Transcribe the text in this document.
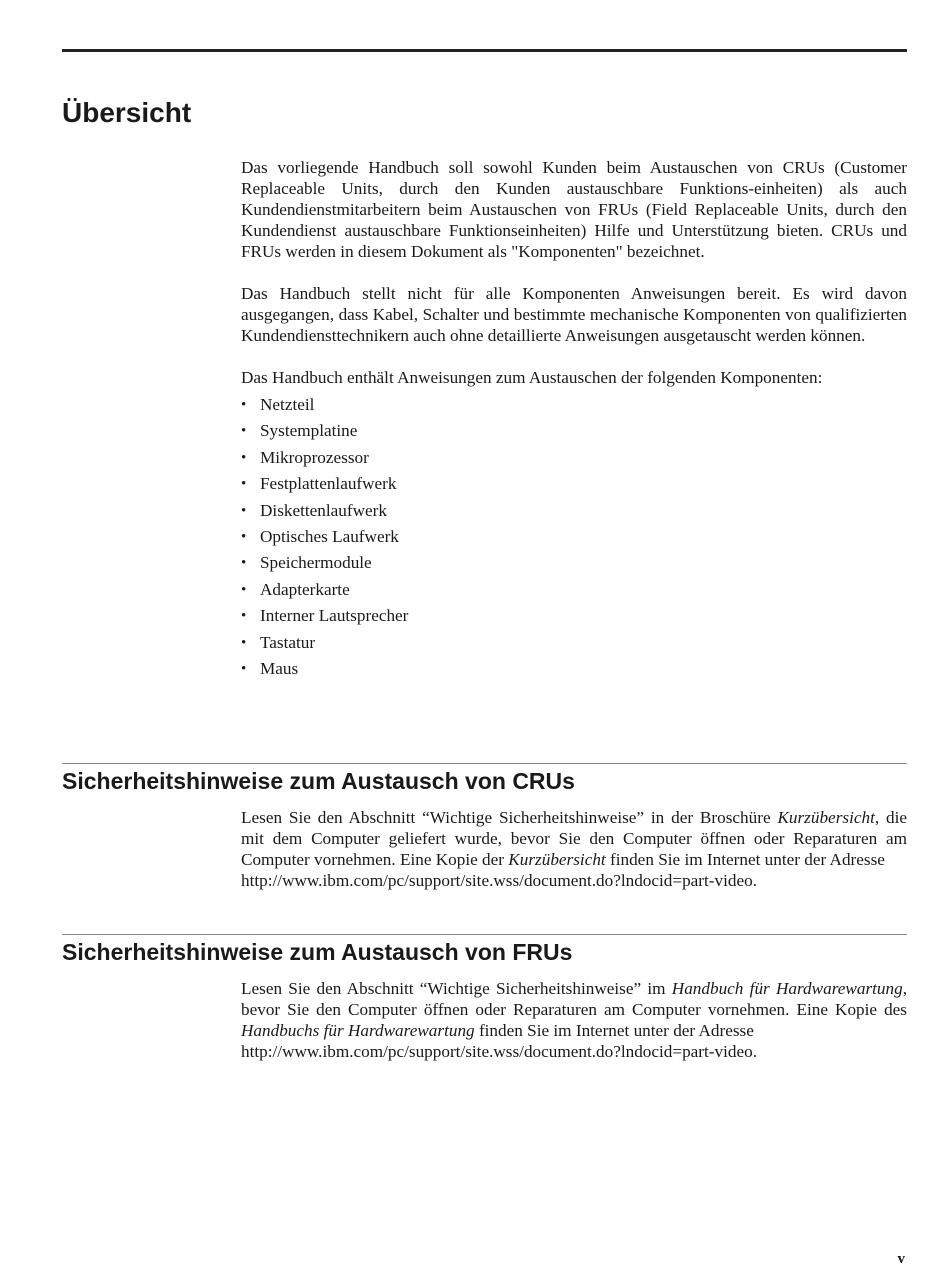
Übersicht

Das vorliegende Handbuch soll sowohl Kunden beim Austauschen von CRUs (Customer Replaceable Units, durch den Kunden austauschbare Funktions-einheiten) als auch Kundendienstmitarbeitern beim Austauschen von FRUs (Field Replaceable Units, durch den Kundendienst austauschbare Funktionseinheiten) Hilfe und Unterstützung bieten. CRUs und FRUs werden in diesem Dokument als "Komponenten" bezeichnet.

Das Handbuch stellt nicht für alle Komponenten Anweisungen bereit. Es wird davon ausgegangen, dass Kabel, Schalter und bestimmte mechanische Komponenten von qualifizierten Kundendiensttechnikern auch ohne detaillierte Anweisungen ausgetauscht werden können.

Das Handbuch enthält Anweisungen zum Austauschen der folgenden Komponenten:

• Netzteil
• Systemplatine
• Mikroprozessor
• Festplattenlaufwerk
• Diskettenlaufwerk
• Optisches Laufwerk
• Speichermodule
• Adapterkarte
• Interner Lautsprecher
• Tastatur
• Maus
Sicherheitshinweise zum Austausch von CRUs

Lesen Sie den Abschnitt “Wichtige Sicherheitshinweise” in der Broschüre Kurzübersicht, die mit dem Computer geliefert wurde, bevor Sie den Computer öffnen oder Reparaturen am Computer vornehmen. Eine Kopie der Kurzübersicht finden Sie im Internet unter der Adresse
http://www.ibm.com/pc/support/site.wss/document.do?lndocid=part-video.

Sicherheitshinweise zum Austausch von FRUs

Lesen Sie den Abschnitt “Wichtige Sicherheitshinweise” im Handbuch für Hardwarewartung, bevor Sie den Computer öffnen oder Reparaturen am Computer vornehmen. Eine Kopie des Handbuchs für Hardwarewartung finden Sie im Internet unter der Adresse
http://www.ibm.com/pc/support/site.wss/document.do?lndocid=part-video.

v
